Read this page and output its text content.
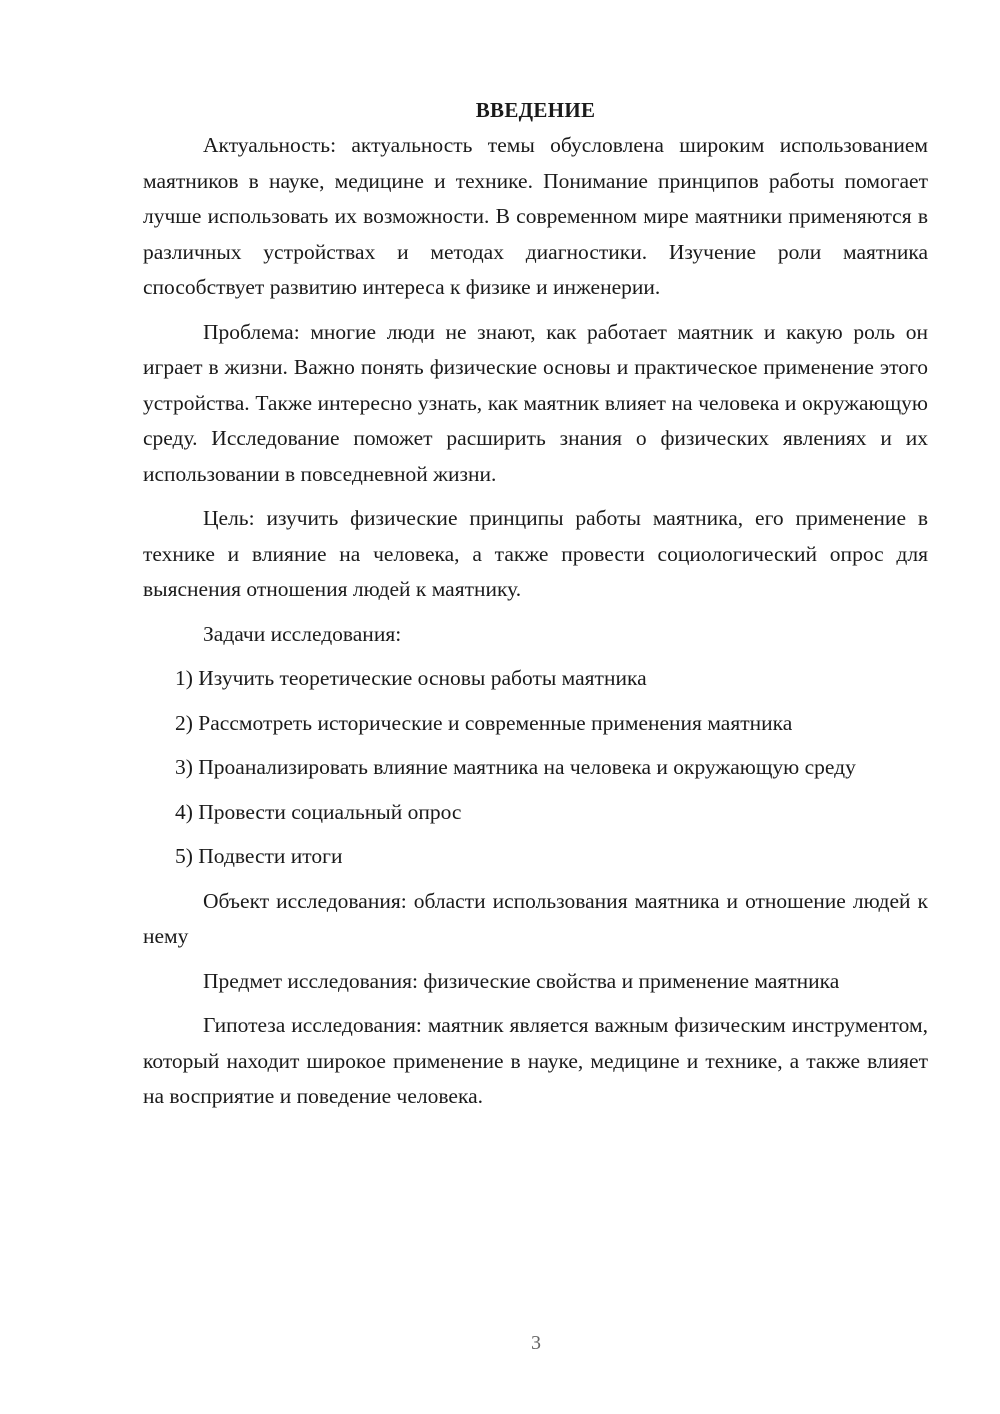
ВВЕДЕНИЕ

Актуальность: актуальность темы обусловлена широким использованием маятников в науке, медицине и технике. Понимание принципов работы помогает лучше использовать их возможности. В современном мире маятники применяются в различных устройствах и методах диагностики. Изучение роли маятника способствует развитию интереса к физике и инженерии.

Проблема: многие люди не знают, как работает маятник и какую роль он играет в жизни. Важно понять физические основы и практическое применение этого устройства. Также интересно узнать, как маятник влияет на человека и окружающую среду. Исследование поможет расширить знания о физических явлениях и их использовании в повседневной жизни.

Цель: изучить физические принципы работы маятника, его применение в технике и влияние на человека, а также провести социологический опрос для выяснения отношения людей к маятнику.

Задачи исследования:

1) Изучить теоретические основы работы маятника

2) Рассмотреть исторические и современные применения маятника

3) Проанализировать влияние маятника на человека и окружающую среду

4) Провести социальный опрос

5) Подвести итоги

Объект исследования: области использования маятника и отношение людей к нему

Предмет исследования: физические свойства и применение маятника

Гипотеза исследования: маятник является важным физическим инструментом, который находит широкое применение в науке, медицине и технике, а также влияет на восприятие и поведение человека.

3
